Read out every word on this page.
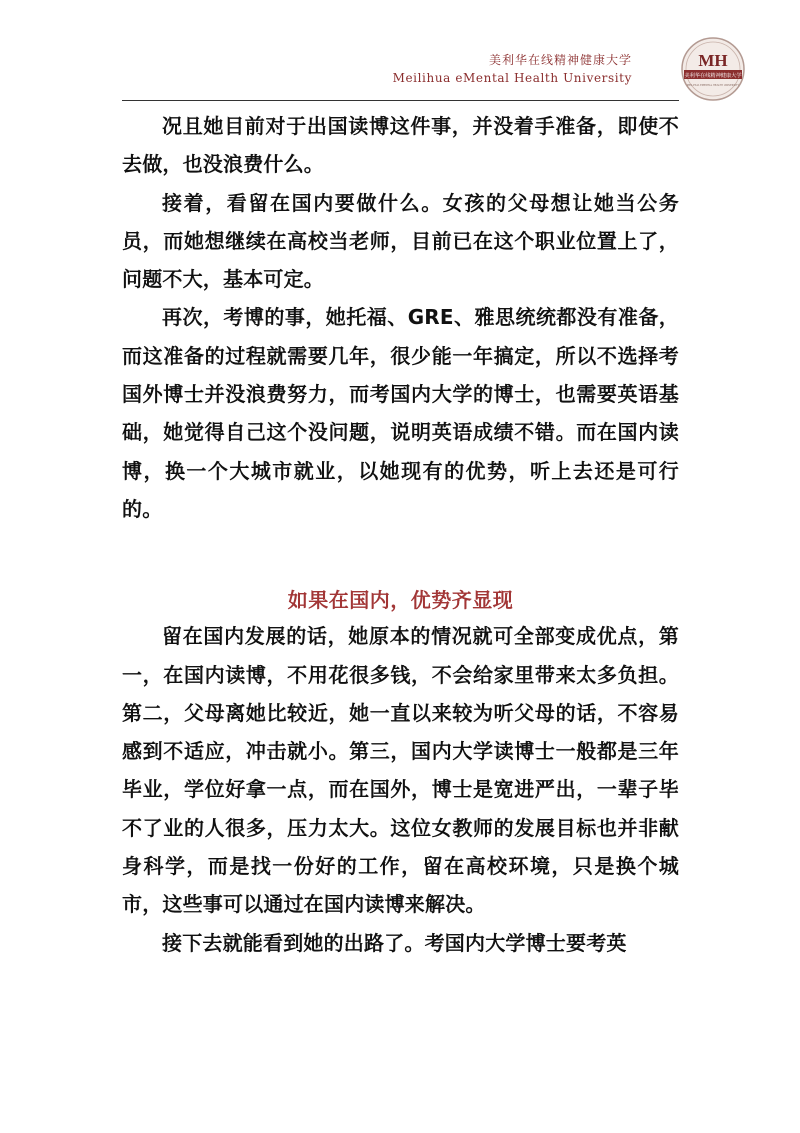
美利华在线精神健康大学
Meilihua eMental Health University
MH
美利华在线精神健康大学
MEILIHUA EMENTAL HEALTH UNIVERSITY

况且她目前对于出国读博这件事，并没着手准备，即使不去做，也没浪费什么。

接着，看留在国内要做什么。女孩的父母想让她当公务员，而她想继续在高校当老师，目前已在这个职业位置上了，问题不大，基本可定。

再次，考博的事，她托福、GRE、雅思统统都没有准备，而这准备的过程就需要几年，很少能一年搞定，所以不选择考国外博士并没浪费努力，而考国内大学的博士，也需要英语基础，她觉得自己这个没问题，说明英语成绩不错。而在国内读博，换一个大城市就业，以她现有的优势，听上去还是可行的。

如果在国内，优势齐显现

留在国内发展的话，她原本的情况就可全部变成优点，第一，在国内读博，不用花很多钱，不会给家里带来太多负担。第二，父母离她比较近，她一直以来较为听父母的话，不容易感到不适应，冲击就小。第三，国内大学读博士一般都是三年毕业，学位好拿一点，而在国外，博士是宽进严出，一辈子毕不了业的人很多，压力太大。这位女教师的发展目标也并非献身科学，而是找一份好的工作，留在高校环境，只是换个城市，这些事可以通过在国内读博来解决。

接下去就能看到她的出路了。考国内大学博士要考英
